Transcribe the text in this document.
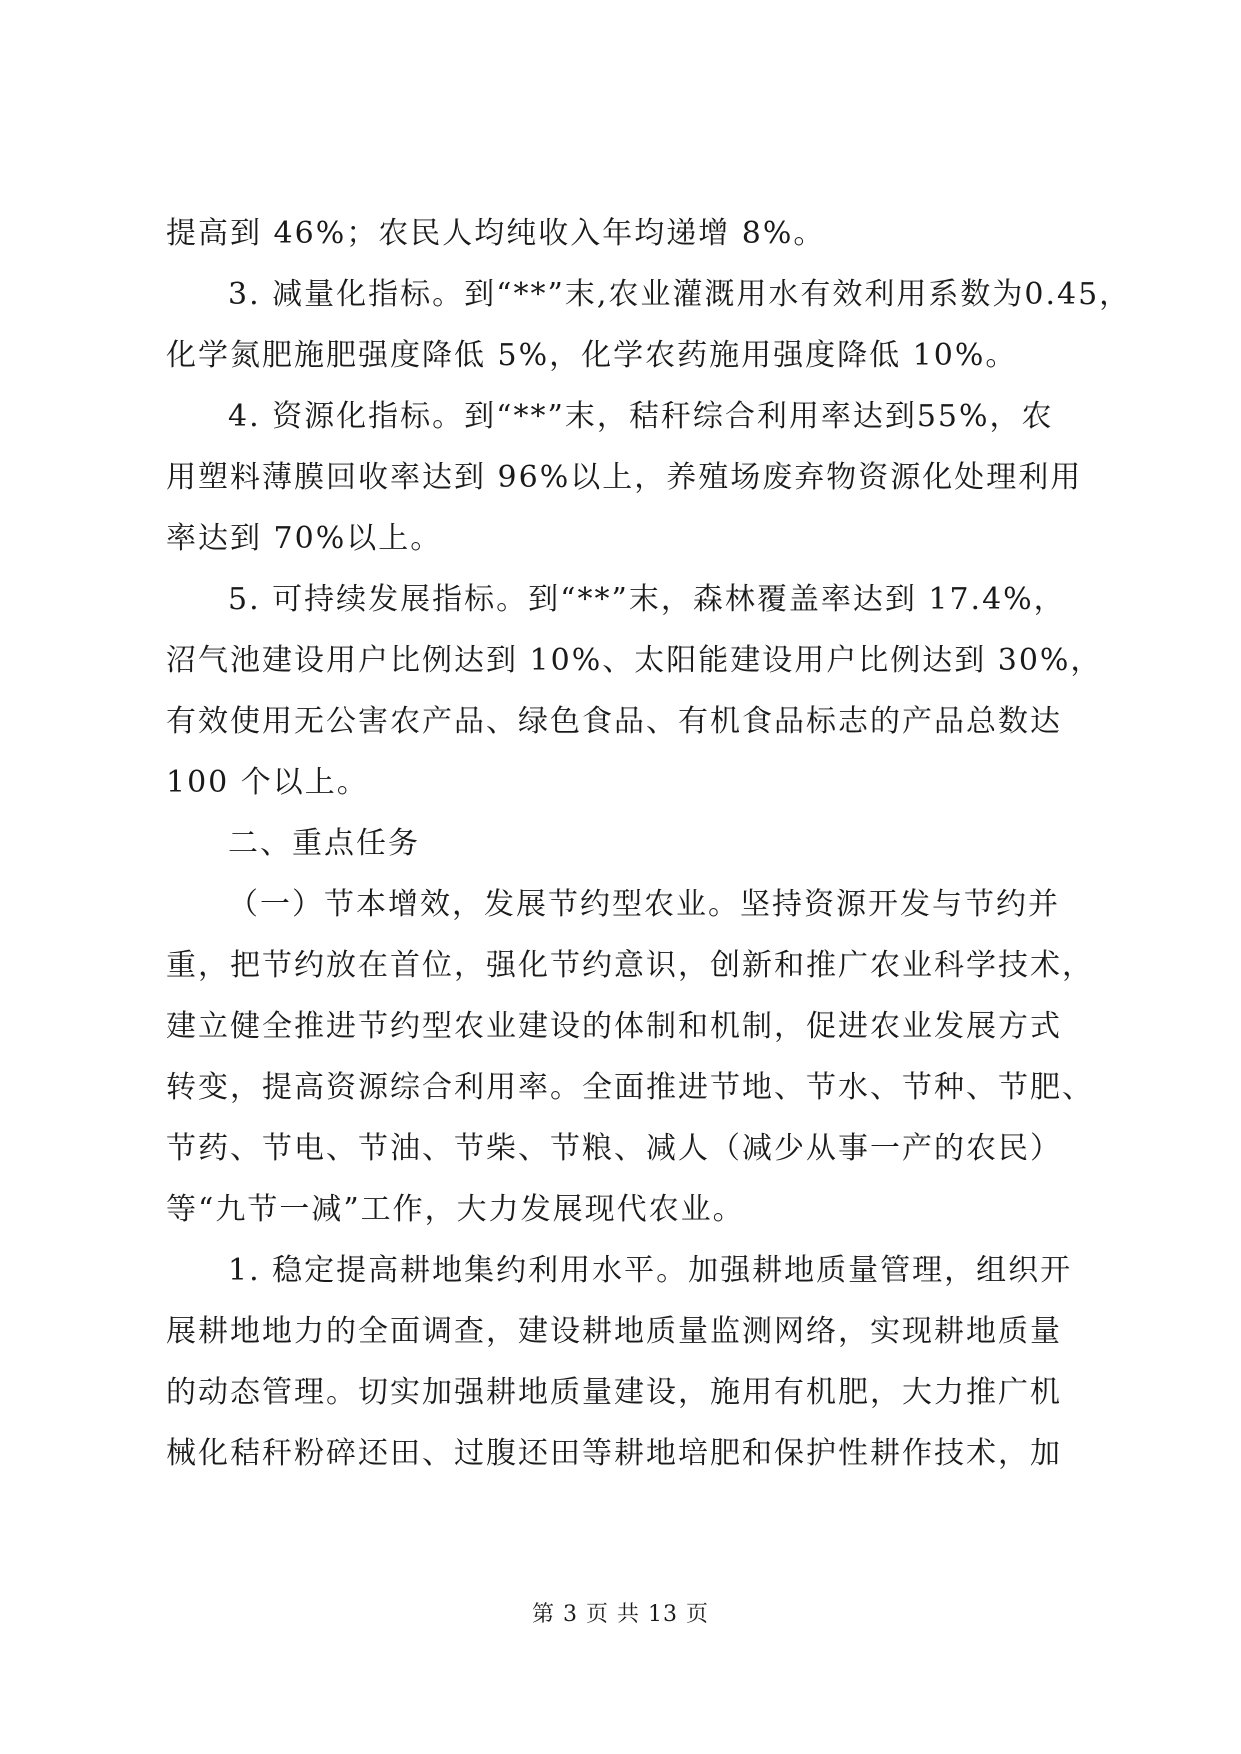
提高到 46%；农民人均纯收入年均递增 8%。
3. 减量化指标。到“**”末,农业灌溉用水有效利用系数为0.45，
化学氮肥施肥强度降低 5%，化学农药施用强度降低 10%。
4. 资源化指标。到“**”末，秸秆综合利用率达到55%，农
用塑料薄膜回收率达到 96%以上，养殖场废弃物资源化处理利用
率达到 70%以上。
5. 可持续发展指标。到“**”末，森林覆盖率达到 17.4%，
沼气池建设用户比例达到 10%、太阳能建设用户比例达到 30%，
有效使用无公害农产品、绿色食品、有机食品标志的产品总数达
100 个以上。
二、重点任务
（一）节本增效，发展节约型农业。坚持资源开发与节约并
重，把节约放在首位，强化节约意识，创新和推广农业科学技术，
建立健全推进节约型农业建设的体制和机制，促进农业发展方式
转变，提高资源综合利用率。全面推进节地、节水、节种、节肥、
节药、节电、节油、节柴、节粮、减人（减少从事一产的农民）
等“九节一减”工作，大力发展现代农业。
1. 稳定提高耕地集约利用水平。加强耕地质量管理，组织开
展耕地地力的全面调查，建设耕地质量监测网络，实现耕地质量
的动态管理。切实加强耕地质量建设，施用有机肥，大力推广机
械化秸秆粉碎还田、过腹还田等耕地培肥和保护性耕作技术，加
第 3 页 共 13 页
